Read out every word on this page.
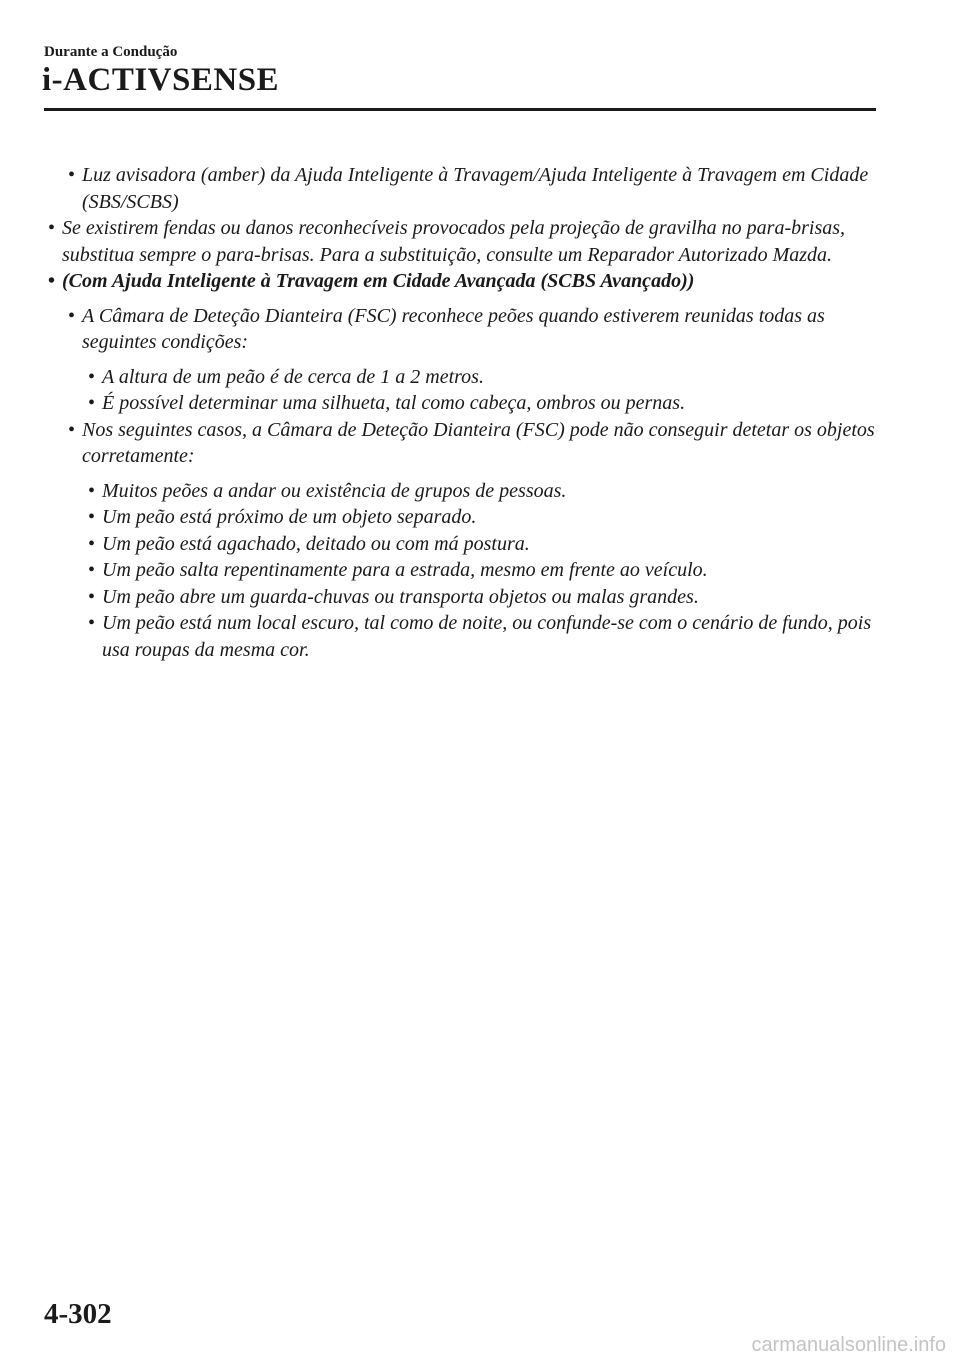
Durante a Condução
i-ACTIVSENSE
• Luz avisadora (amber) da Ajuda Inteligente à Travagem/Ajuda Inteligente à Travagem em Cidade (SBS/SCBS)
• Se existirem fendas ou danos reconhecíveis provocados pela projeção de gravilha no para-brisas, substitua sempre o para-brisas. Para a substituição, consulte um Reparador Autorizado Mazda.
• (Com Ajuda Inteligente à Travagem em Cidade Avançada (SCBS Avançado))
• A Câmara de Deteção Dianteira (FSC) reconhece peões quando estiverem reunidas todas as seguintes condições:
• A altura de um peão é de cerca de 1 a 2 metros.
• É possível determinar uma silhueta, tal como cabeça, ombros ou pernas.
• Nos seguintes casos, a Câmara de Deteção Dianteira (FSC) pode não conseguir detetar os objetos corretamente:
• Muitos peões a andar ou existência de grupos de pessoas.
• Um peão está próximo de um objeto separado.
• Um peão está agachado, deitado ou com má postura.
• Um peão salta repentinamente para a estrada, mesmo em frente ao veículo.
• Um peão abre um guarda-chuvas ou transporta objetos ou malas grandes.
• Um peão está num local escuro, tal como de noite, ou confunde-se com o cenário de fundo, pois usa roupas da mesma cor.
4-302
carmanualsonline.info
